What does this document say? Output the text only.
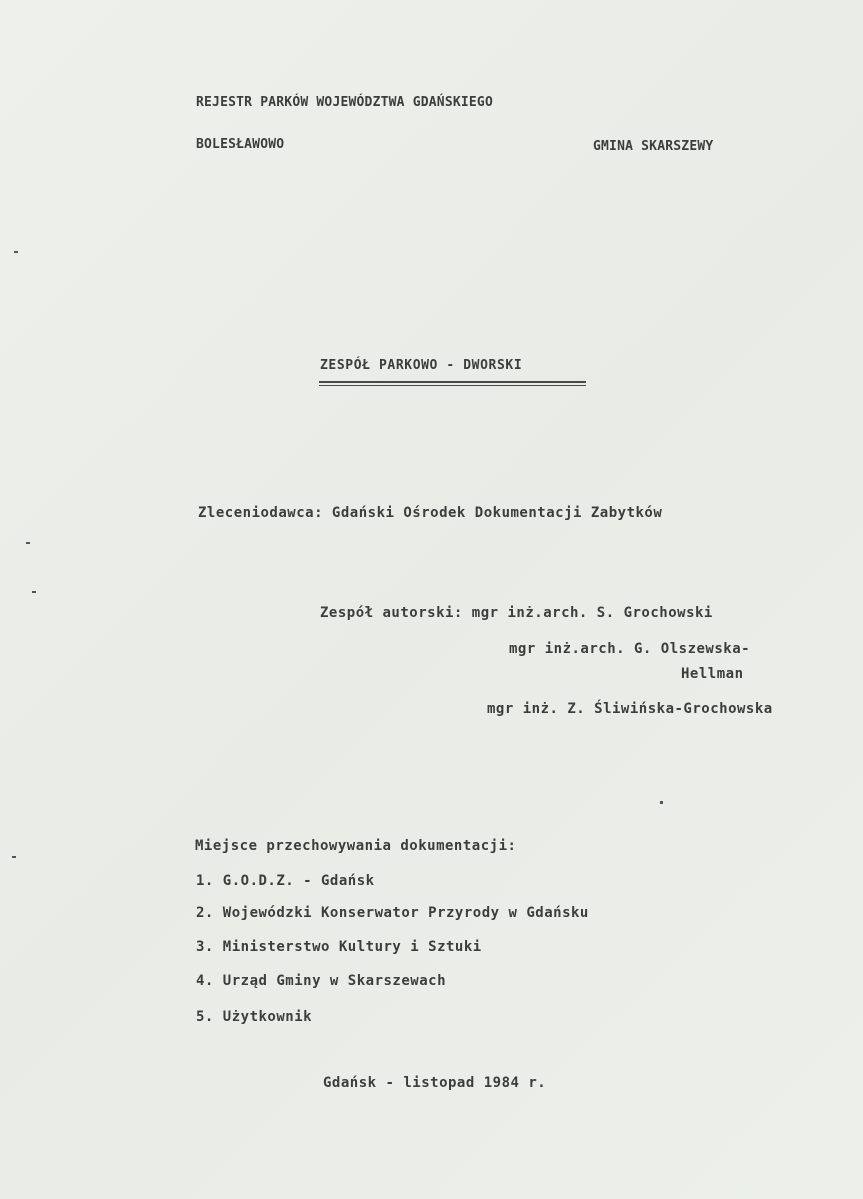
REJESTR PARKÓW WOJEWÓDZTWA GDAŃSKIEGO
BOLESŁAWOWO	GMINA SKARSZEWY
ZESPÓŁ PARKOWO - DWORSKI
Zleceniodawca: Gdański Ośrodek Dokumentacji Zabytków
Zespół autorski: mgr inż.arch. S. Grochowski
mgr inż.arch. G. Olszewska-
Hellman
mgr inż. Z. Śliwińska-Grochowska
Miejsce przechowywania dokumentacji:
1. G.O.D.Z. - Gdańsk
2. Wojewódzki Konserwator Przyrody w Gdańsku
3. Ministerstwo Kultury i Sztuki
4. Urząd Gminy w Skarszewach
5. Użytkownik
Gdańsk - listopad 1984 r.
